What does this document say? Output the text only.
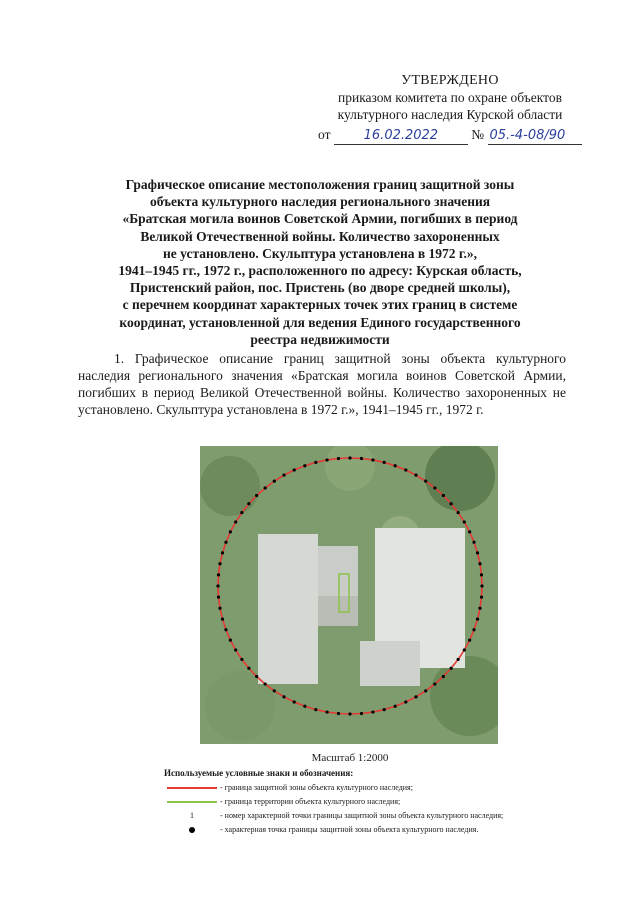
УТВЕРЖДЕНО
приказом комитета по охране объектов
культурного наследия Курской области
от	16.02.2022 № 05.-4-08/90
Графическое описание местоположения границ защитной зоны
объекта культурного наследия регионального значения
«Братская могила воинов Советской Армии, погибших в период
Великой Отечественной войны. Количество захороненных
не установлено. Скульптура установлена в 1972 г.»,
1941–1945 гг., 1972 г., расположенного по адресу: Курская область,
Пристенский район, пос. Пристень (во дворе средней школы),
с перечнем координат характерных точек этих границ в системе
координат, установленной для ведения Единого государственного
реестра недвижимости
1. Графическое описание границ защитной зоны объекта культурного наследия регионального значения «Братская могила воинов Советской Армии, погибших в период Великой Отечественной войны. Количество захороненных не установлено. Скульптура установлена в 1972 г.», 1941–1945 гг., 1972 г.
Масштаб 1:2000
Используемые условные знаки и обозначения:
- граница защитной зоны объекта культурного наследия;
- граница территории объекта культурного наследия;
1	- номер характерной точки границы защитной зоны объекта культурного наследия;
- характерная точка границы защитной зоны объекта культурного наследия.
